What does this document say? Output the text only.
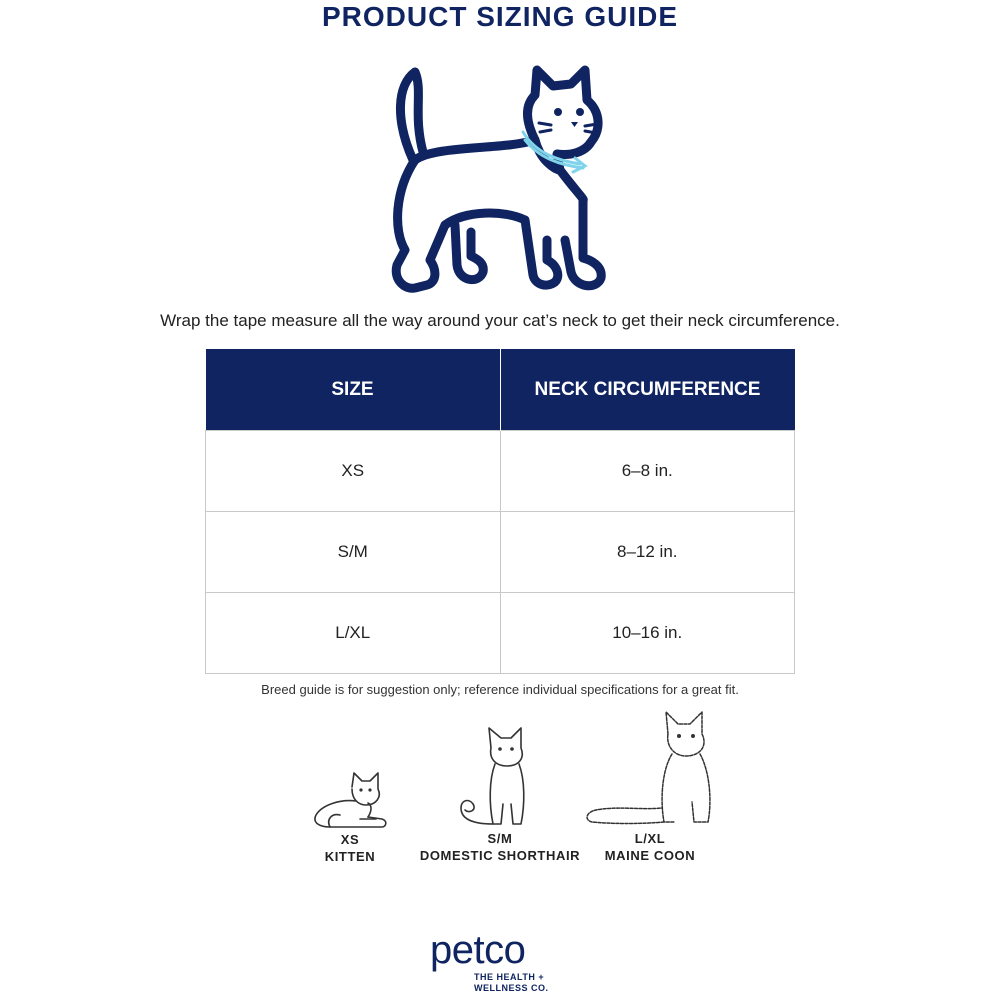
PRODUCT SIZING GUIDE
Wrap the tape measure all the way around your cat’s neck to get their neck circumference.
SIZE	NECK CIRCUMFERENCE
XS	6–8 in.
S/M	8–12 in.
L/XL	10–16 in.
Breed guide is for suggestion only; reference individual specifications for a great fit.
XS
KITTEN
S/M
DOMESTIC SHORTHAIR
L/XL
MAINE COON
petco
THE HEALTH +
WELLNESS CO.
